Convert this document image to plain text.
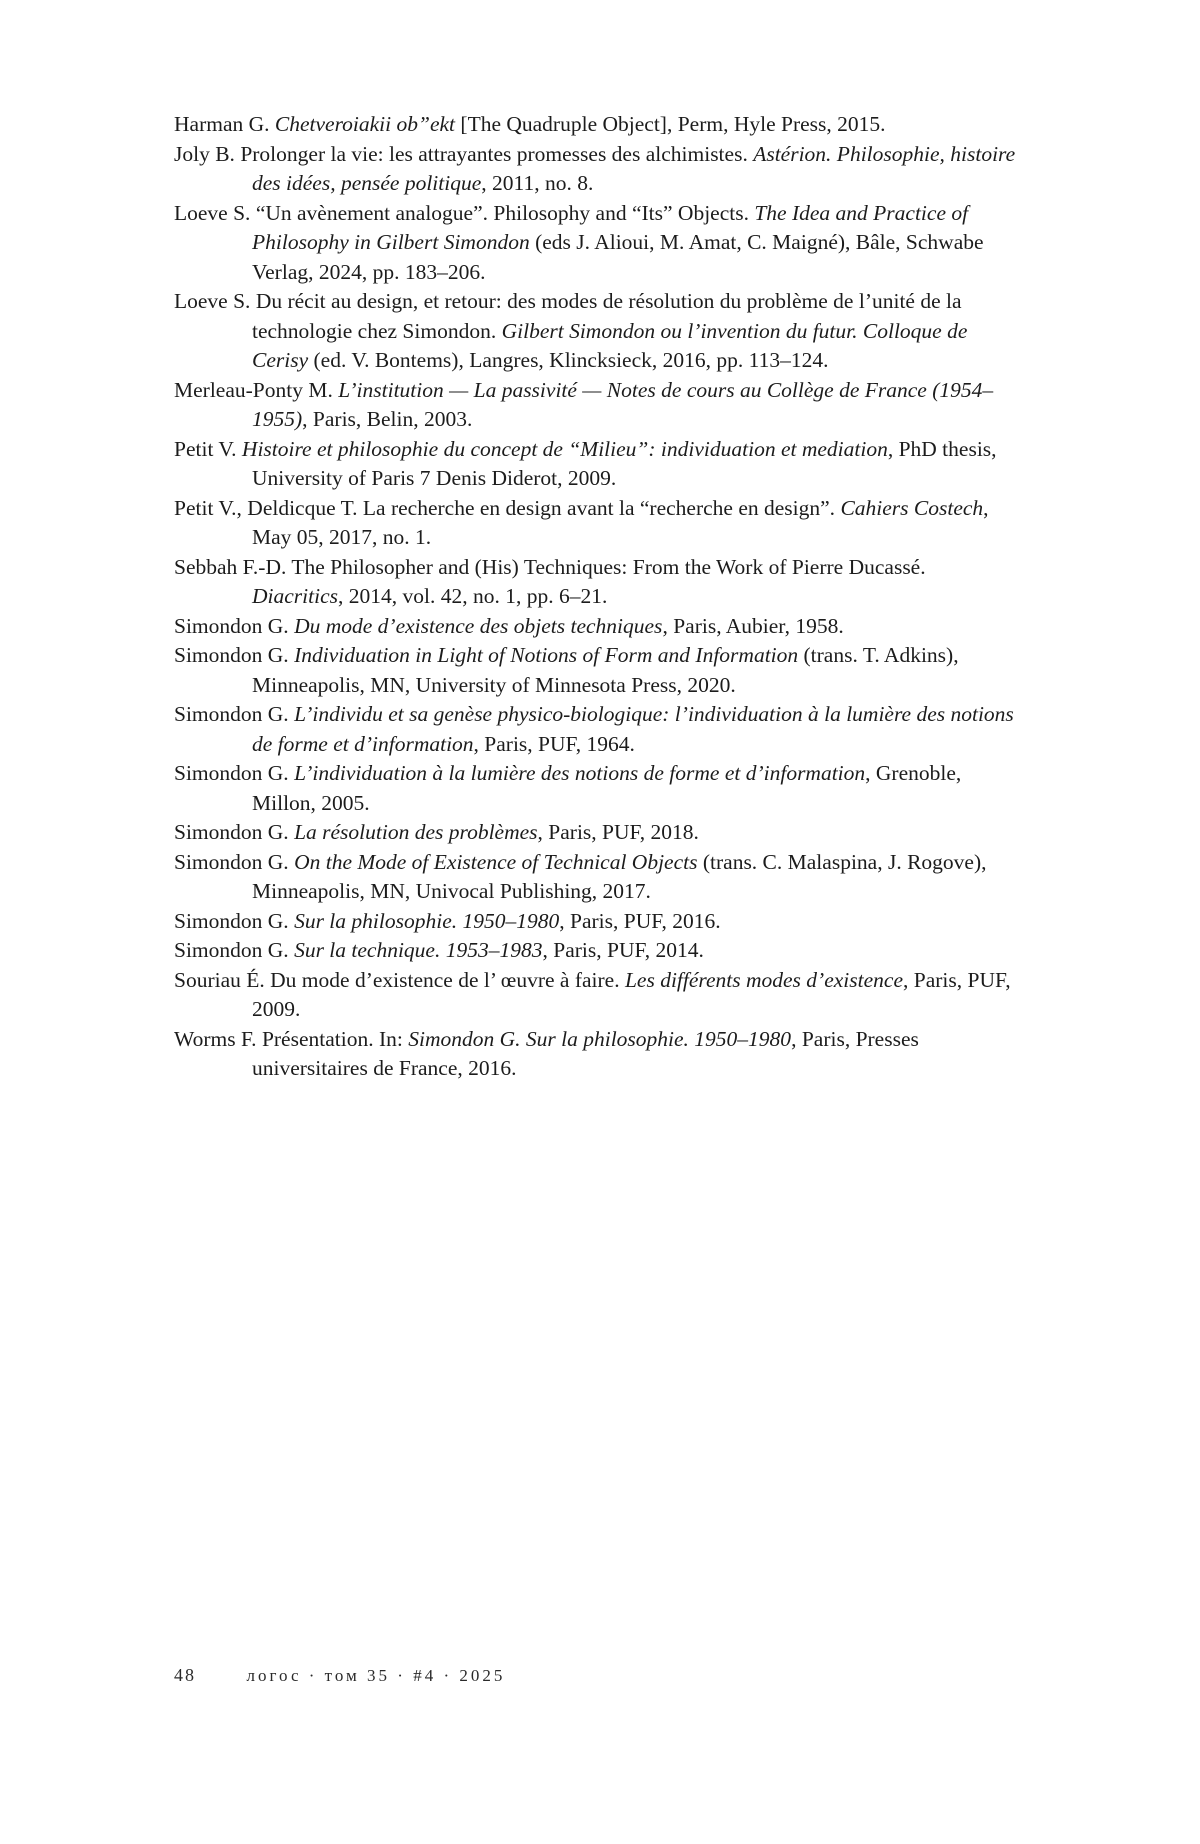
Harman G. Chetveroiakii ob”ekt [The Quadruple Object], Perm, Hyle Press, 2015.
Joly B. Prolonger la vie: les attrayantes promesses des alchimistes. Astérion. Philosophie, histoire des idées, pensée politique, 2011, no. 8.
Loeve S. “Un avènement analogue”. Philosophy and “Its” Objects. The Idea and Practice of Philosophy in Gilbert Simondon (eds J. Alioui, M. Amat, C. Maigné), Bâle, Schwabe Verlag, 2024, pp. 183–206.
Loeve S. Du récit au design, et retour: des modes de résolution du problème de l’unité de la technologie chez Simondon. Gilbert Simondon ou l’invention du futur. Colloque de Cerisy (ed. V. Bontems), Langres, Klincksieck, 2016, pp. 113–124.
Merleau-Ponty M. L’institution — La passivité — Notes de cours au Collège de France (1954–1955), Paris, Belin, 2003.
Petit V. Histoire et philosophie du concept de “Milieu”: individuation et mediation, PhD thesis, University of Paris 7 Denis Diderot, 2009.
Petit V., Deldicque T. La recherche en design avant la “recherche en design”. Cahiers Costech, May 05, 2017, no. 1.
Sebbah F.-D. The Philosopher and (His) Techniques: From the Work of Pierre Ducassé. Diacritics, 2014, vol. 42, no. 1, pp. 6–21.
Simondon G. Du mode d’existence des objets techniques, Paris, Aubier, 1958.
Simondon G. Individuation in Light of Notions of Form and Information (trans. T. Adkins), Minneapolis, MN, University of Minnesota Press, 2020.
Simondon G. L’individu et sa genèse physico-biologique: l’individuation à la lumière des notions de forme et d’information, Paris, PUF, 1964.
Simondon G. L’individuation à la lumière des notions de forme et d’information, Grenoble, Millon, 2005.
Simondon G. La résolution des problèmes, Paris, PUF, 2018.
Simondon G. On the Mode of Existence of Technical Objects (trans. C. Malaspina, J. Rogove), Minneapolis, MN, Univocal Publishing, 2017.
Simondon G. Sur la philosophie. 1950–1980, Paris, PUF, 2016.
Simondon G. Sur la technique. 1953–1983, Paris, PUF, 2014.
Souriau É. Du mode d’existence de l’ œuvre à faire. Les différents modes d’existence, Paris, PUF, 2009.
Worms F. Présentation. In: Simondon G. Sur la philosophie. 1950–1980, Paris, Presses universitaires de France, 2016.
48	логос · том 35 · #4 · 2025
